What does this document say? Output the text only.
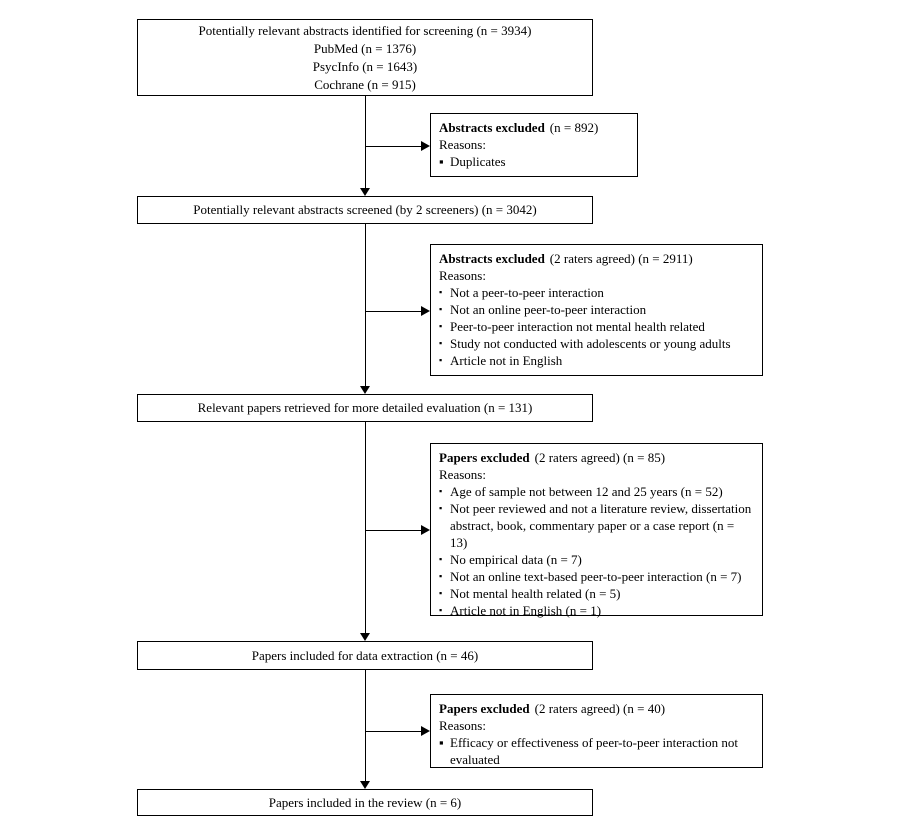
Potentially relevant abstracts identified for screening (n = 3934)
PubMed (n = 1376)
PsycInfo (n = 1643)
Cochrane (n = 915)
Potentially relevant abstracts screened (by 2 screeners) (n = 3042)
Relevant papers retrieved for more detailed evaluation (n = 131)
Papers included for data extraction (n = 46)
Papers included in the review (n = 6)
Abstracts excluded (n = 892)
Reasons:
▪ Duplicates
Abstracts excluded (2 raters agreed) (n = 2911)
Reasons:
▪ Not a peer-to-peer interaction
▪ Not an online peer-to-peer interaction
▪ Peer-to-peer interaction not mental health related
▪ Study not conducted with adolescents or young adults
▪ Article not in English
Papers excluded (2 raters agreed) (n = 85)
Reasons:
▪ Age of sample not between 12 and 25 years (n = 52)
▪ Not peer reviewed and not a literature review, dissertation abstract, book, commentary paper or a case report (n = 13)
▪ No empirical data (n = 7)
▪ Not an online text-based peer-to-peer interaction (n = 7)
▪ Not mental health related (n = 5)
▪ Article not in English (n = 1)
Papers excluded (2 raters agreed) (n = 40)
Reasons:
▪ Efficacy or effectiveness of peer-to-peer interaction not evaluated
